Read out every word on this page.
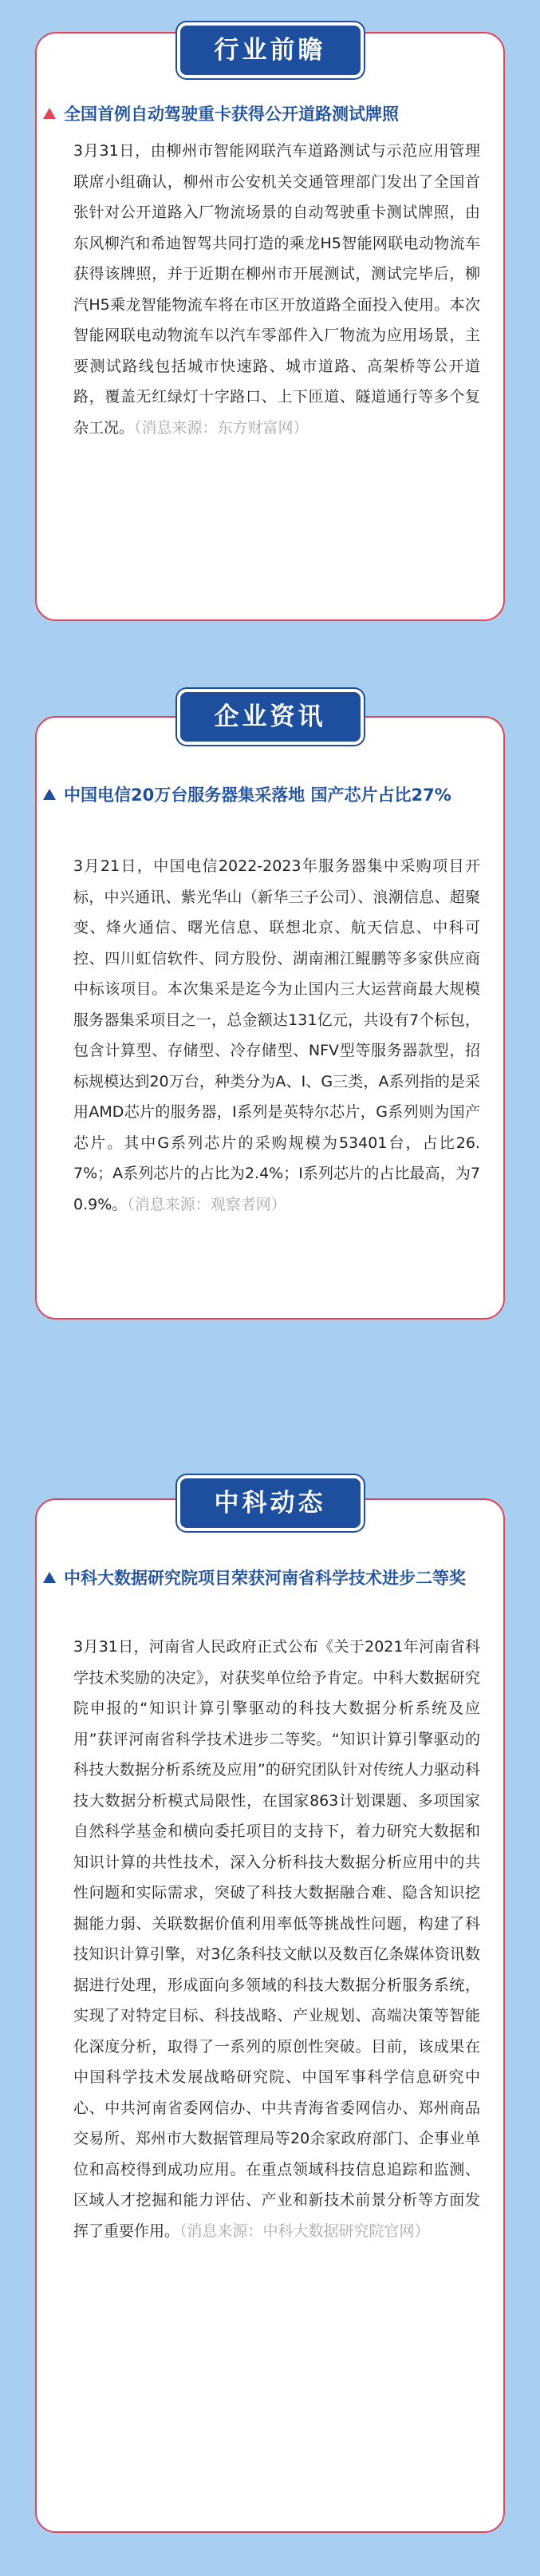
行业前瞻
全国首例自动驾驶重卡获得公开道路测试牌照
3月31日，由柳州市智能网联汽车道路测试与示范应用管理联席小组确认，柳州市公安机关交通管理部门发出了全国首张针对公开道路入厂物流场景的自动驾驶重卡测试牌照，由东风柳汽和希迪智驾共同打造的乘龙H5智能网联电动物流车获得该牌照，并于近期在柳州市开展测试，测试完毕后，柳汽H5乘龙智能物流车将在市区开放道路全面投入使用。本次智能网联电动物流车以汽车零部件入厂物流为应用场景，主要测试路线包括城市快速路、城市道路、高架桥等公开道路，覆盖无红绿灯十字路口、上下匝道、隧道通行等多个复杂工况。（消息来源：东方财富网）
企业资讯
中国电信20万台服务器集采落地 国产芯片占比27%
3月21日，中国电信2022-2023年服务器集中采购项目开标，中兴通讯、紫光华山（新华三子公司）、浪潮信息、超聚变、烽火通信、曙光信息、联想北京、航天信息、中科可控、四川虹信软件、同方股份、湖南湘江鲲鹏等多家供应商中标该项目。本次集采是迄今为止国内三大运营商最大规模服务器集采项目之一，总金额达131亿元，共设有7个标包，包含计算型、存储型、冷存储型、NFV型等服务器款型，招标规模达到20万台，种类分为A、I、G三类，A系列指的是采用AMD芯片的服务器，I系列是英特尔芯片，G系列则为国产芯片。其中G系列芯片的采购规模为53401台，占比26.7%；A系列芯片的占比为2.4%；I系列芯片的占比最高，为70.9%。（消息来源：观察者网）
中科动态
中科大数据研究院项目荣获河南省科学技术进步二等奖
3月31日，河南省人民政府正式公布《关于2021年河南省科学技术奖励的决定》，对获奖单位给予肯定。中科大数据研究院申报的“知识计算引擎驱动的科技大数据分析系统及应用”获评河南省科学技术进步二等奖。“知识计算引擎驱动的科技大数据分析系统及应用”的研究团队针对传统人力驱动科技大数据分析模式局限性，在国家863计划课题、多项国家自然科学基金和横向委托项目的支持下，着力研究大数据和知识计算的共性技术，深入分析科技大数据分析应用中的共性问题和实际需求，突破了科技大数据融合难、隐含知识挖掘能力弱、关联数据价值利用率低等挑战性问题，构建了科技知识计算引擎，对3亿条科技文献以及数百亿条媒体资讯数据进行处理，形成面向多领域的科技大数据分析服务系统，实现了对特定目标、科技战略、产业规划、高端决策等智能化深度分析，取得了一系列的原创性突破。目前，该成果在中国科学技术发展战略研究院、中国军事科学信息研究中心、中共河南省委网信办、中共青海省委网信办、郑州商品交易所、郑州市大数据管理局等20余家政府部门、企事业单位和高校得到成功应用。在重点领域科技信息追踪和监测、区域人才挖掘和能力评估、产业和新技术前景分析等方面发挥了重要作用。（消息来源：中科大数据研究院官网）
